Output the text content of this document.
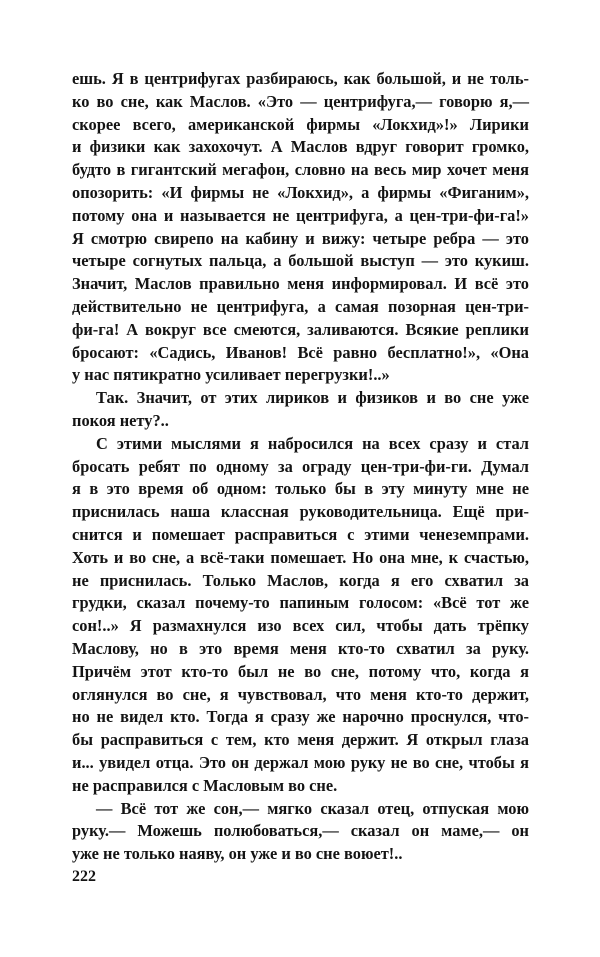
ешь. Я в центрифугах разбираюсь, как большой, и не толь-
ко во сне, как Маслов. «Это — центрифуга,— говорю я,—
скорее всего, американской фирмы «Локхид»!» Лирики
и физики как захохочут. А Маслов вдруг говорит громко,
будто в гигантский мегафон, словно на весь мир хочет меня
опозорить: «И фирмы не «Локхид», а фирмы «Фиганим»,
потому она и называется не центрифуга, а цен-три-фи-га!»
Я смотрю свирепо на кабину и вижу: четыре ребра — это
четыре согнутых пальца, а большой выступ — это кукиш.
Значит, Маслов правильно меня информировал. И всё это
действительно не центрифуга, а самая позорная цен-три-
фи-га! А вокруг все смеются, заливаются. Всякие реплики
бросают: «Садись, Иванов! Всё равно бесплатно!», «Она
у нас пятикратно усиливает перегрузки!..»
Так. Значит, от этих лириков и физиков и во сне уже
покоя нету?..
С этими мыслями я набросился на всех сразу и стал
бросать ребят по одному за ограду цен-три-фи-ги. Думал
я в это время об одном: только бы в эту минуту мне не
приснилась наша классная руководительница. Ещё при-
снится и помешает расправиться с этими ченеземпрами.
Хоть и во сне, а всё-таки помешает. Но она мне, к счастью,
не приснилась. Только Маслов, когда я его схватил за
грудки, сказал почему-то папиным голосом: «Всё тот же
сон!..» Я размахнулся изо всех сил, чтобы дать трёпку
Маслову, но в это время меня кто-то схватил за руку.
Причём этот кто-то был не во сне, потому что, когда я
оглянулся во сне, я чувствовал, что меня кто-то держит,
но не видел кто. Тогда я сразу же нарочно проснулся, что-
бы расправиться с тем, кто меня держит. Я открыл глаза
и... увидел отца. Это он держал мою руку не во сне, чтобы я
не расправился с Масловым во сне.
— Всё тот же сон,— мягко сказал отец, отпуская мою
руку.— Можешь полюбоваться,— сказал он маме,— он
уже не только наяву, он уже и во сне воюет!..
222
